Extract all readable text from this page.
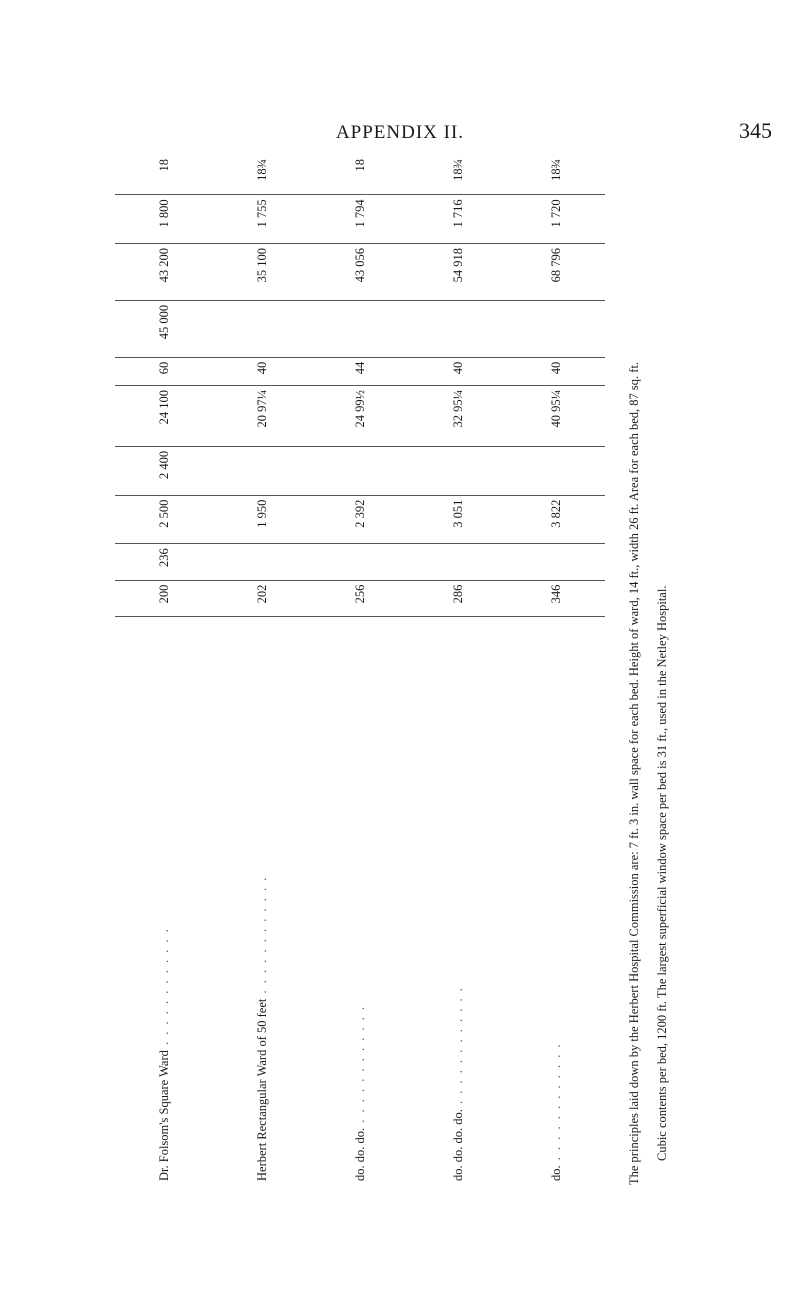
APPENDIX II.	345
Dr. Folsom's Square Ward . . . . . . . . . . . .	200	236	2 500	2 400	24 100	60	45 000	43 200	1 800	18
Herbert Rectangular Ward of 50 feet . . . . . . . . . . . .	202		1 950		20 97¼	40		35 100	1 755	18¾
do. do. do. . . . . . . . . . . . .	256		2 392		24 99½	44		43 056	1 794	18
do. do. do. do. . . . . . . . . . . . .	286		3 051		32 95¼	40		54 918	1 716	18¾
do. . . . . . . . . . . . .	346		3 822		40 95¼	40		68 796	1 720	18¾

The principles laid down by the Herbert Hospital Commission are: 7 ft. 3 in. wall space for each bed. Height of ward, 14 ft., width 26 ft. Area for each bed, 87 sq. ft.	Cubic contents per bed, 1200 ft. The largest superficial window space per bed is 31 ft., used in the Netley Hospital.
